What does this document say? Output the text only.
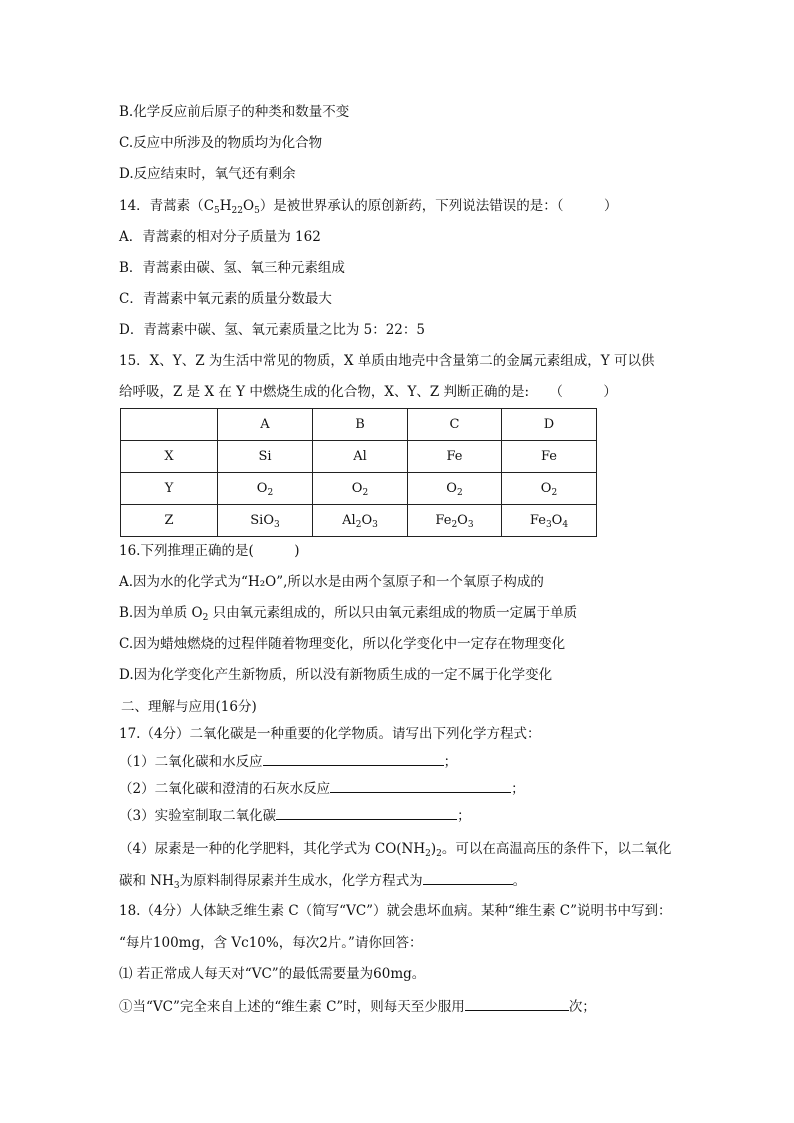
B.化学反应前后原子的种类和数量不变
C.反应中所涉及的物质均为化合物
D.反应结束时，氧气还有剩余
14．青蒿素$(C_5H_{22}O_5)$是被世界承认的原创新药，下列说法错误的是：（　　　）
A．青蒿素的相对分子质量为 162
B．青蒿素由碳、氢、氧三种元素组成
C．青蒿素中氧元素的质量分数最大
D．青蒿素中碳、氢、氧元素质量之比为 5：22：5
15．X、Y、Z 为生活中常见的物质，X 单质由地壳中含量第二的金属元素组成，Y 可以供
给呼吸，Z 是 X 在 Y 中燃烧生成的化合物，X、Y、Z 判断正确的是:　　（　　　）
	A	B	C	D
X	Si	Al	Fe	Fe
Y	$O_2$	$O_2$	$O_2$	$O_2$
Z	SiO$_3$	$Al_2O_3$	$Fe_2O_3$	$Fe_3O_4$
16.下列推理正确的是(　　　)
A.因为水的化学式为“H₂O”,所以水是由两个氢原子和一个氧原子构成的
B.因为单质 $O_2$ 只由氧元素组成的，所以只由氧元素组成的物质一定属于单质
C.因为蜡烛燃烧的过程伴随着物理变化，所以化学变化中一定存在物理变化
D.因为化学变化产生新物质，所以没有新物质生成的一定不属于化学变化
二、理解与应用(16分)
17.（4分）二氧化碳是一种重要的化学物质。请写出下列化学方程式：
（1）二氧化碳和水反应	；
（2）二氧化碳和澄清的石灰水反应	；
（3）实验室制取二氧化碳	；
（4）尿素是一种的化学肥料，其化学式为 $CO(NH_2)_2$。可以在高温高压的条件下，以二氧化
碳和 $NH_3$为原料制得尿素并生成水，化学方程式为	。
18.（4分）人体缺乏维生素 C（简写“VC”）就会患坏血病。某种“维生素 C”说明书中写到：
“每片100mg，含 Vc10%，每次2片。”请你回答：
⑴ 若正常成人每天对“VC”的最低需要量为60mg。
①当“VC”完全来自上述的“维生素 C”时，则每天至少服用	次；
